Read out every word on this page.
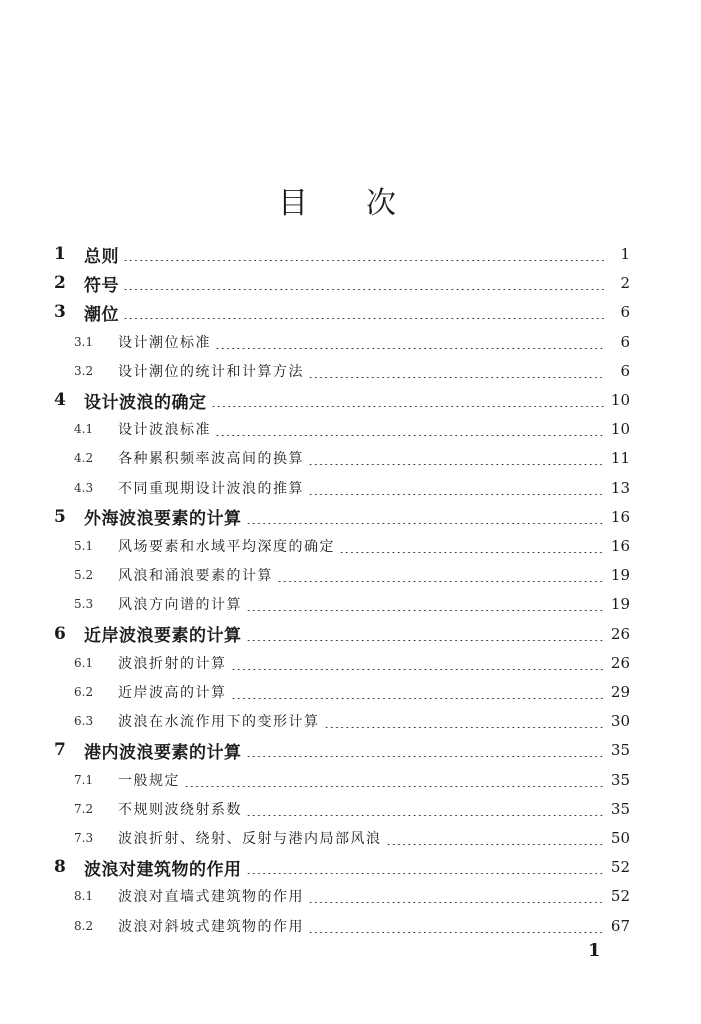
目 次
1	总则	1
2	符号	2
3	潮位	6
3.1	设计潮位标准	6
3.2	设计潮位的统计和计算方法	6
4	设计波浪的确定	10
4.1	设计波浪标准	10
4.2	各种累积频率波高间的换算	11
4.3	不同重现期设计波浪的推算	13
5	外海波浪要素的计算	16
5.1	风场要素和水域平均深度的确定	16
5.2	风浪和涌浪要素的计算	19
5.3	风浪方向谱的计算	19
6	近岸波浪要素的计算	26
6.1	波浪折射的计算	26
6.2	近岸波高的计算	29
6.3	波浪在水流作用下的变形计算	30
7	港内波浪要素的计算	35
7.1	一般规定	35
7.2	不规则波绕射系数	35
7.3	波浪折射、绕射、反射与港内局部风浪	50
8	波浪对建筑物的作用	52
8.1	波浪对直墙式建筑物的作用	52
8.2	波浪对斜坡式建筑物的作用	67
1
